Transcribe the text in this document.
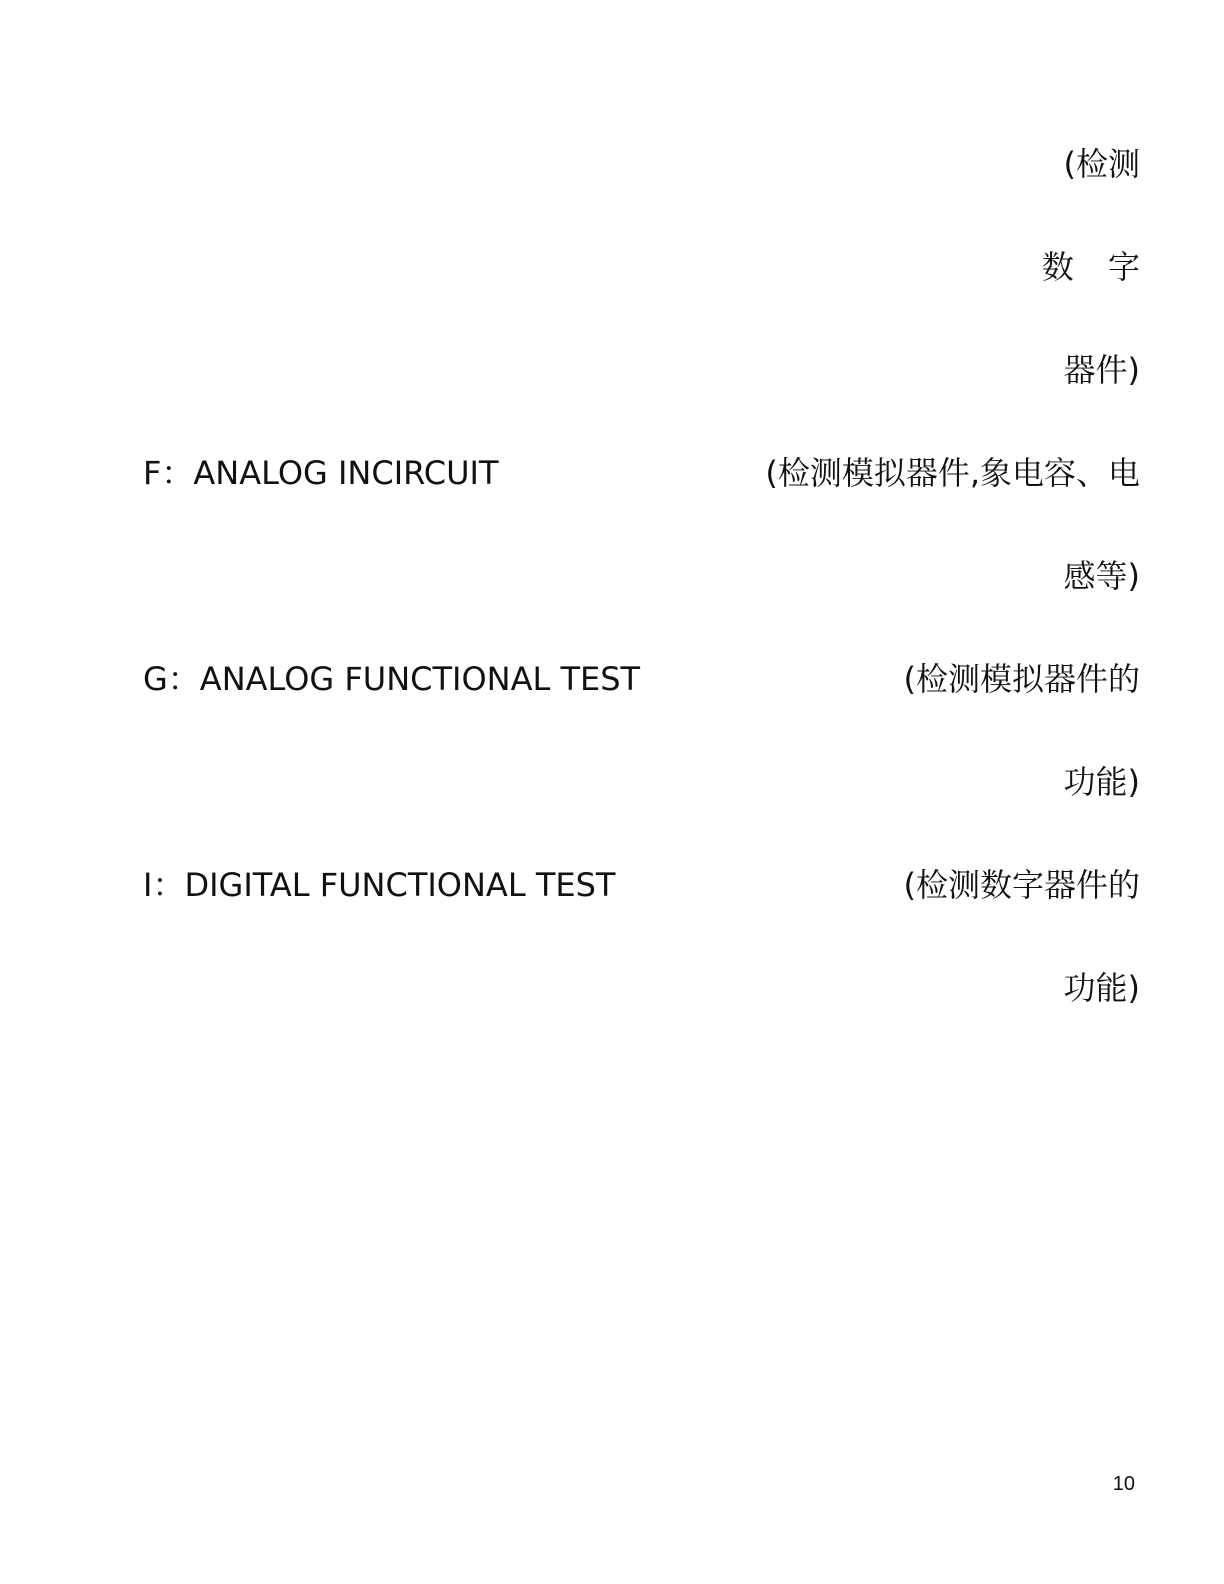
(检测
数 字
器件)
F：ANALOG INCIRCUIT	(检测模拟器件,象电容、电
感等)
G：ANALOG FUNCTIONAL TEST	(检测模拟器件的
功能)
I：DIGITAL FUNCTIONAL TEST	(检测数字器件的
功能)
10
